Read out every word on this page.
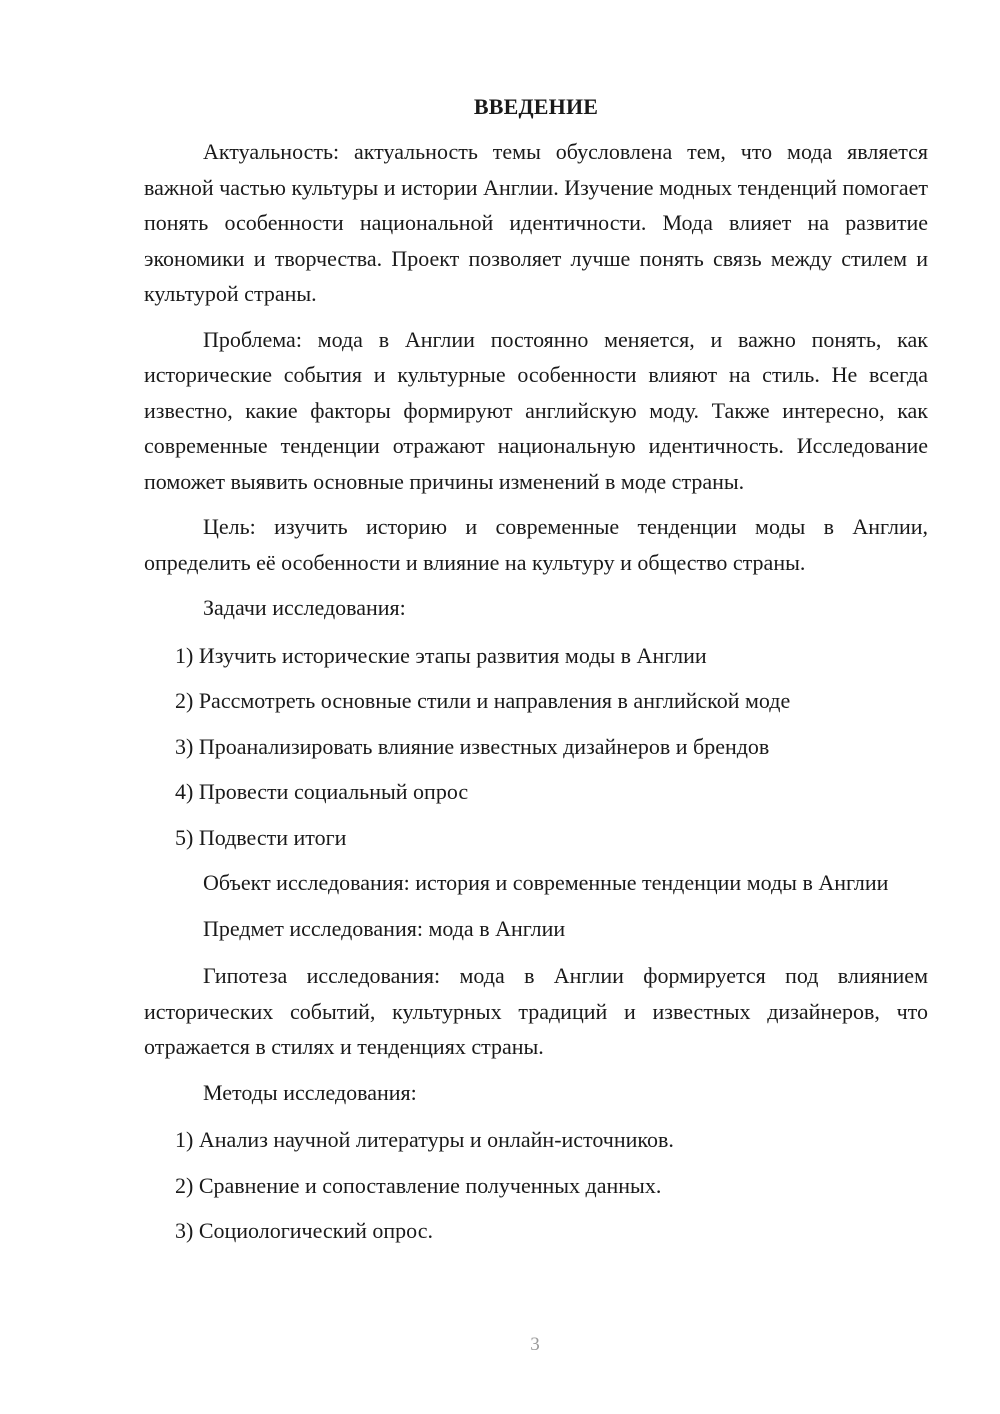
ВВЕДЕНИЕ

Актуальность: актуальность темы обусловлена тем, что мода является важной частью культуры и истории Англии. Изучение модных тенденций помогает понять особенности национальной идентичности. Мода влияет на развитие экономики и творчества. Проект позволяет лучше понять связь между стилем и культурой страны.

Проблема: мода в Англии постоянно меняется, и важно понять, как исторические события и культурные особенности влияют на стиль. Не всегда известно, какие факторы формируют английскую моду. Также интересно, как современные тенденции отражают национальную идентичность. Исследование поможет выявить основные причины изменений в моде страны.

Цель: изучить историю и современные тенденции моды в Англии, определить её особенности и влияние на культуру и общество страны.

Задачи исследования:

1) Изучить исторические этапы развития моды в Англии
2) Рассмотреть основные стили и направления в английской моде
3) Проанализировать влияние известных дизайнеров и брендов
4) Провести социальный опрос
5) Подвести итоги

Объект исследования: история и современные тенденции моды в Англии

Предмет исследования: мода в Англии

Гипотеза исследования: мода в Англии формируется под влиянием исторических событий, культурных традиций и известных дизайнеров, что отражается в стилях и тенденциях страны.

Методы исследования:

1) Анализ научной литературы и онлайн-источников.
2) Сравнение и сопоставление полученных данных.
3) Социологический опрос.
3
